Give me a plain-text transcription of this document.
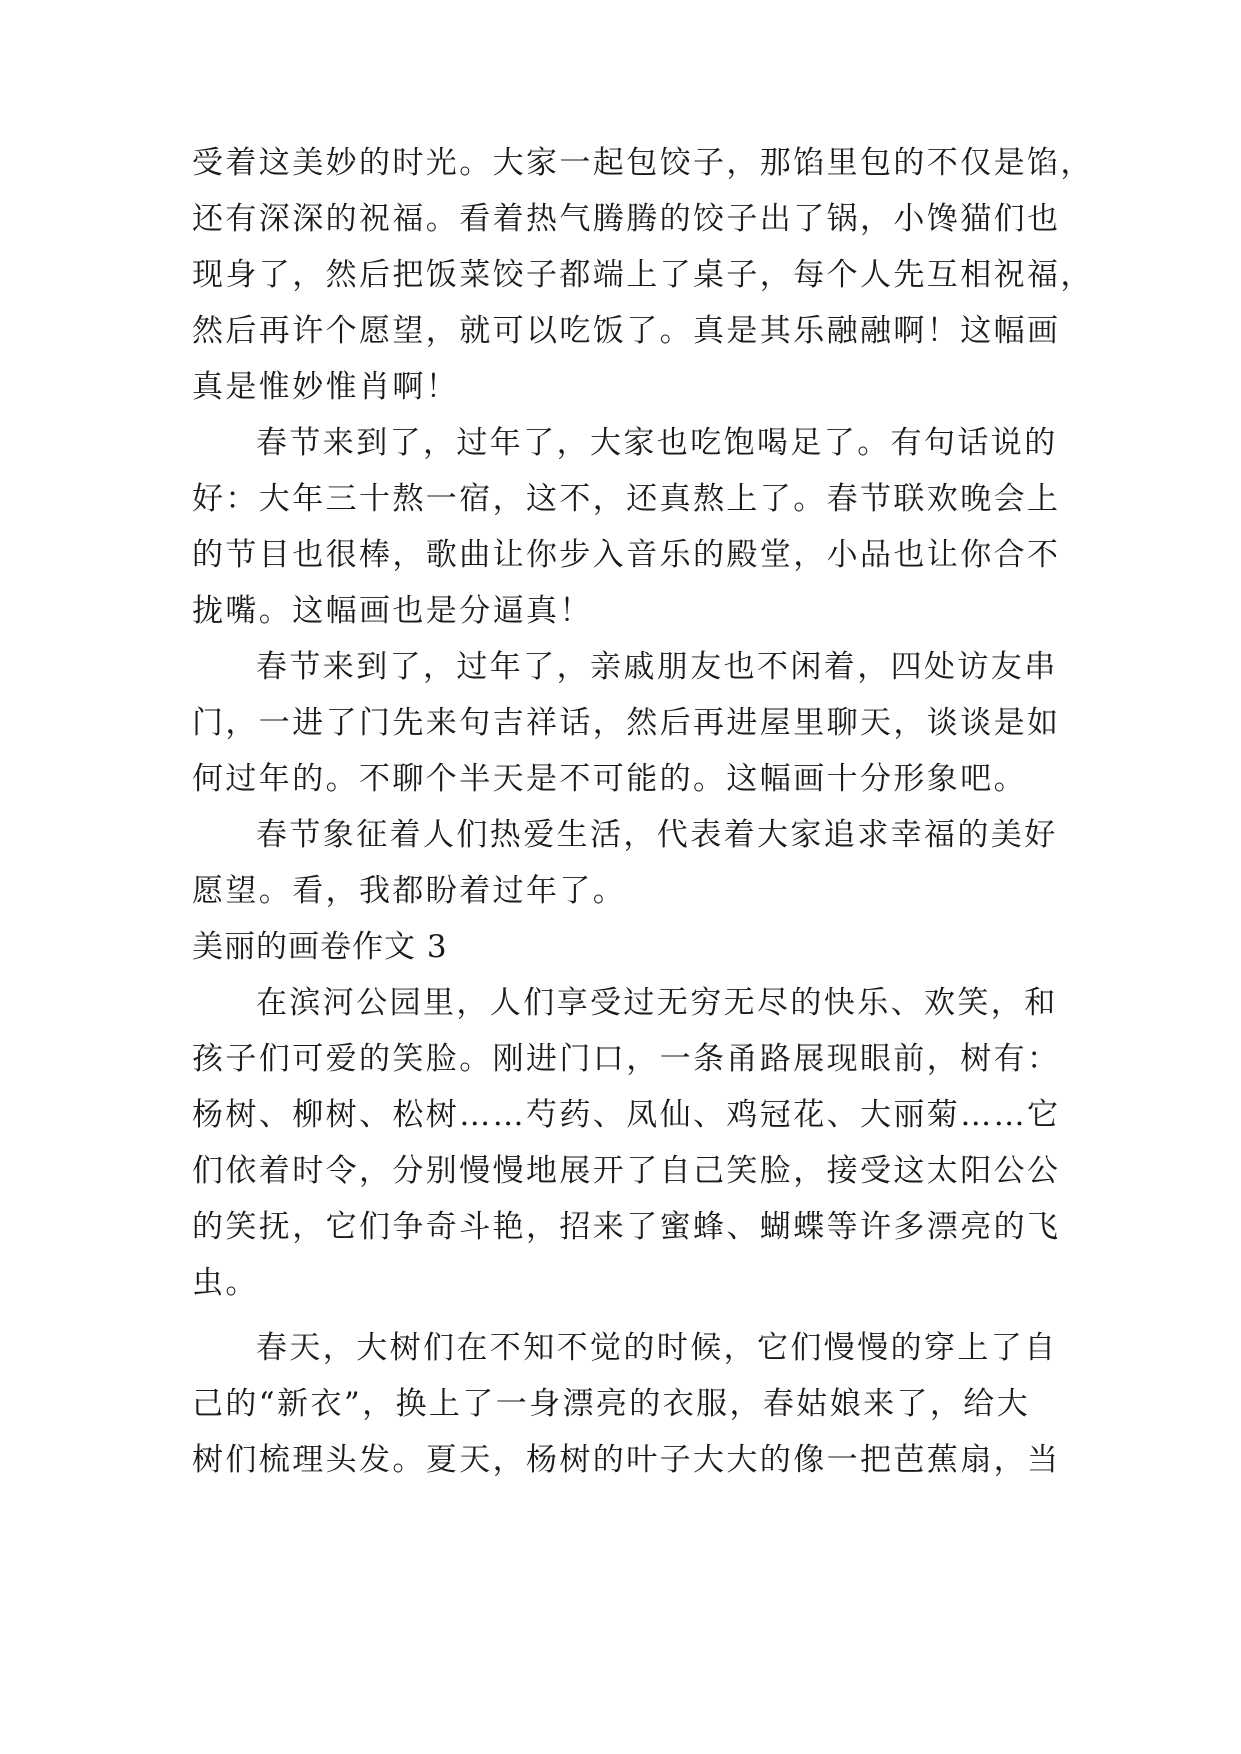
受着这美妙的时光。大家一起包饺子，那馅里包的不仅是馅，
还有深深的祝福。看着热气腾腾的饺子出了锅，小馋猫们也
现身了，然后把饭菜饺子都端上了桌子，每个人先互相祝福，
然后再许个愿望，就可以吃饭了。真是其乐融融啊！这幅画
真是惟妙惟肖啊！
春节来到了，过年了，大家也吃饱喝足了。有句话说的
好：大年三十熬一宿，这不，还真熬上了。春节联欢晚会上
的节目也很棒，歌曲让你步入音乐的殿堂，小品也让你合不
拢嘴。这幅画也是分逼真！
春节来到了，过年了，亲戚朋友也不闲着，四处访友串
门，一进了门先来句吉祥话，然后再进屋里聊天，谈谈是如
何过年的。不聊个半天是不可能的。这幅画十分形象吧。
春节象征着人们热爱生活，代表着大家追求幸福的美好
愿望。看，我都盼着过年了。
美丽的画卷作文 3
在滨河公园里，人们享受过无穷无尽的快乐、欢笑，和
孩子们可爱的笑脸。刚进门口，一条甬路展现眼前，树有：
杨树、柳树、松树……芍药、凤仙、鸡冠花、大丽菊……它
们依着时令，分别慢慢地展开了自己笑脸，接受这太阳公公
的笑抚，它们争奇斗艳，招来了蜜蜂、蝴蝶等许多漂亮的飞
虫。
春天，大树们在不知不觉的时候，它们慢慢的穿上了自
己的“新衣”，换上了一身漂亮的衣服，春姑娘来了，给大
树们梳理头发。夏天，杨树的叶子大大的像一把芭蕉扇，当
